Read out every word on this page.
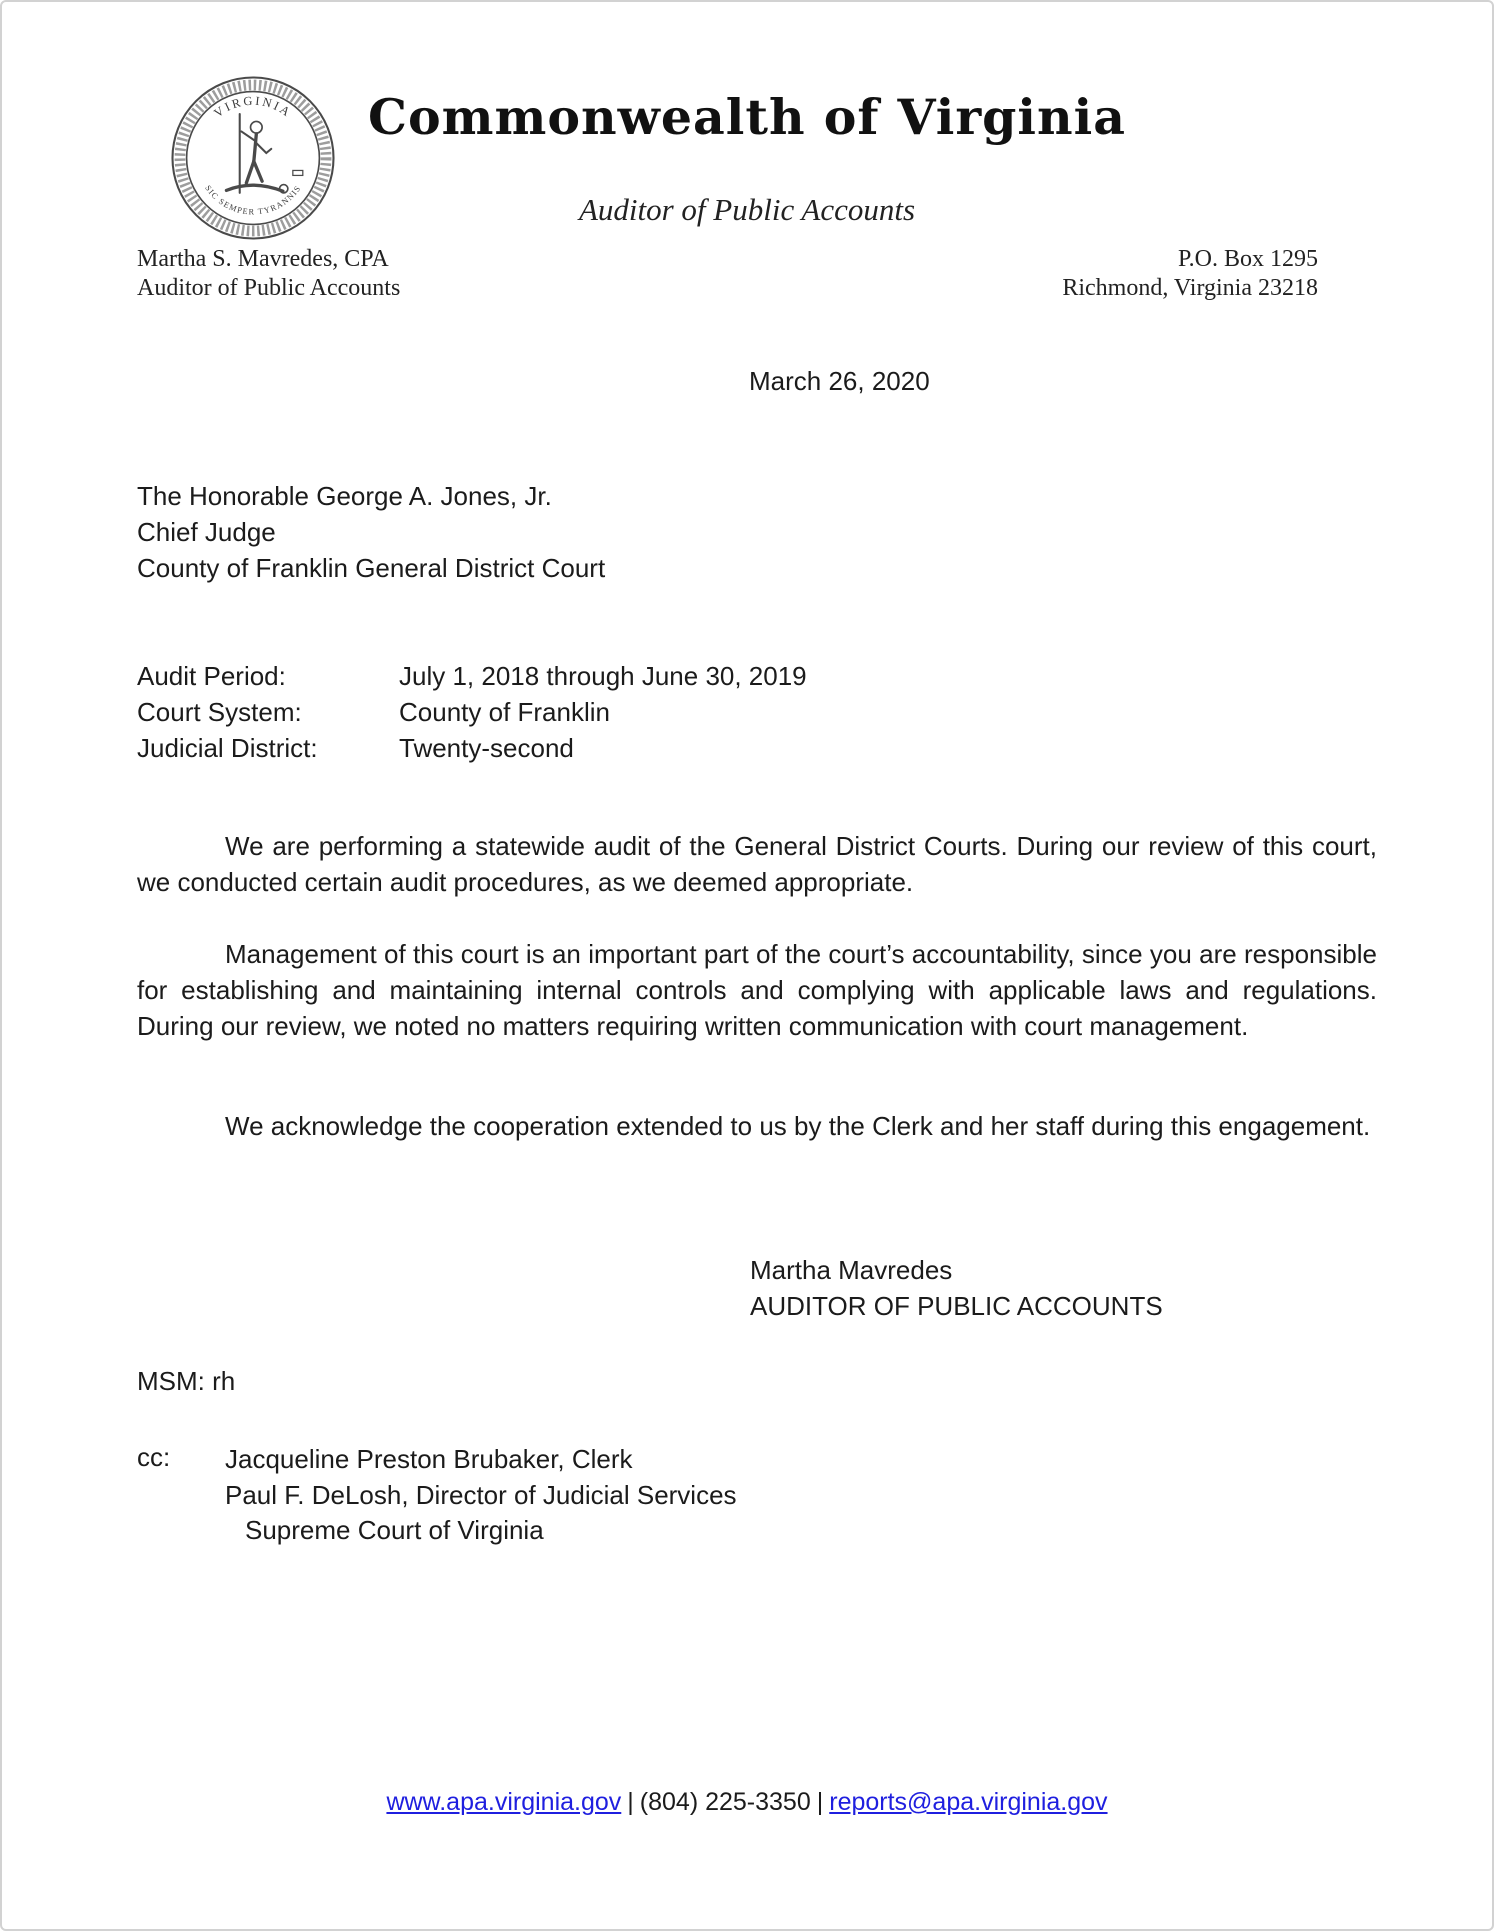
VIRGINIA
SIC SEMPER TYRANNIS
Commonwealth of Virginia
Auditor of Public Accounts
Martha S. Mavredes, CPA
Auditor of Public Accounts
P.O. Box 1295
Richmond, Virginia 23218
March 26, 2020
The Honorable George A. Jones, Jr.
Chief Judge
County of Franklin General District Court
Audit Period:	July 1, 2018 through June 30, 2019
Court System:	County of Franklin
Judicial District:	Twenty-second

We are performing a statewide audit of the General District Courts. During our review of this court, we conducted certain audit procedures, as we deemed appropriate.

Management of this court is an important part of the court’s accountability, since you are responsible for establishing and maintaining internal controls and complying with applicable laws and regulations. During our review, we noted no matters requiring written communication with court management.

We acknowledge the cooperation extended to us by the Clerk and her staff during this engagement.

Martha Mavredes
AUDITOR OF PUBLIC ACCOUNTS
MSM: rh
cc: Jacqueline Preston Brubaker, Clerk
Paul F. DeLosh, Director of Judicial Services
Supreme Court of Virginia
www.apa.virginia.gov | (804) 225-3350 | reports@apa.virginia.gov
